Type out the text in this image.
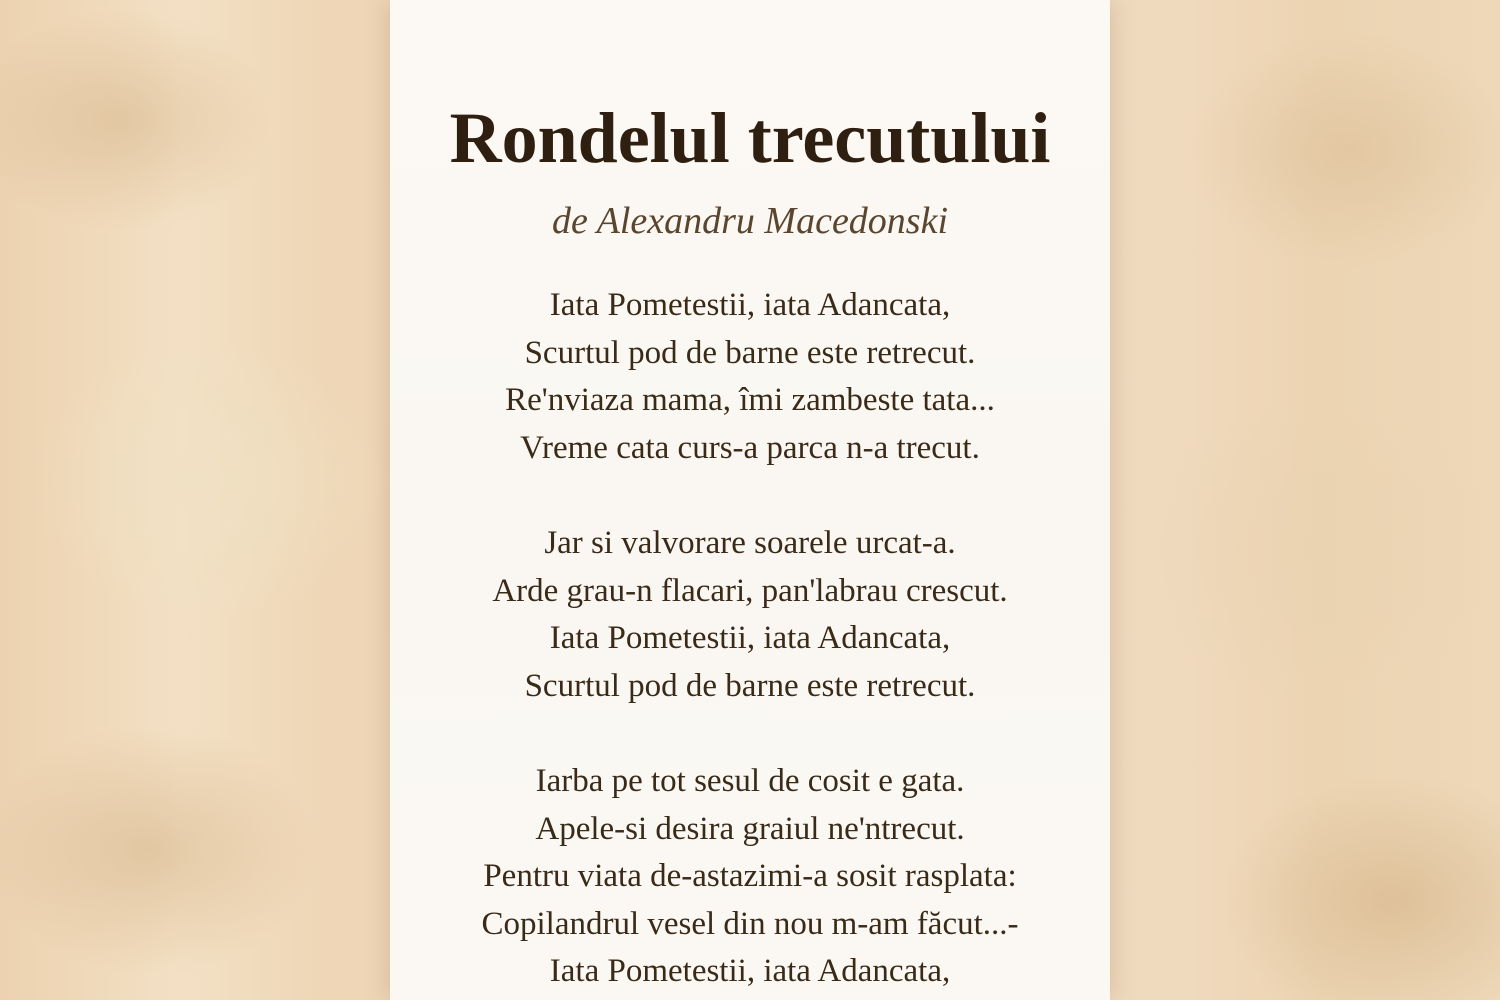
Rondelul trecutului

de Alexandru Macedonski

Iata Pometestii, iata Adancata,
Scurtul pod de barne este retrecut.
Re'nviaza mama, îmi zambeste tata...
Vreme cata curs-a parca n-a trecut.
Jar si valvorare soarele urcat-a.
Arde grau-n flacari, pan'labrau crescut.
Iata Pometestii, iata Adancata,
Scurtul pod de barne este retrecut.
Iarba pe tot sesul de cosit e gata.
Apele-si desira graiul ne'ntrecut.
Pentru viata de-astazimi-a sosit rasplata:
Copilandrul vesel din nou m-am făcut...-
Iata Pometestii, iata Adancata,
